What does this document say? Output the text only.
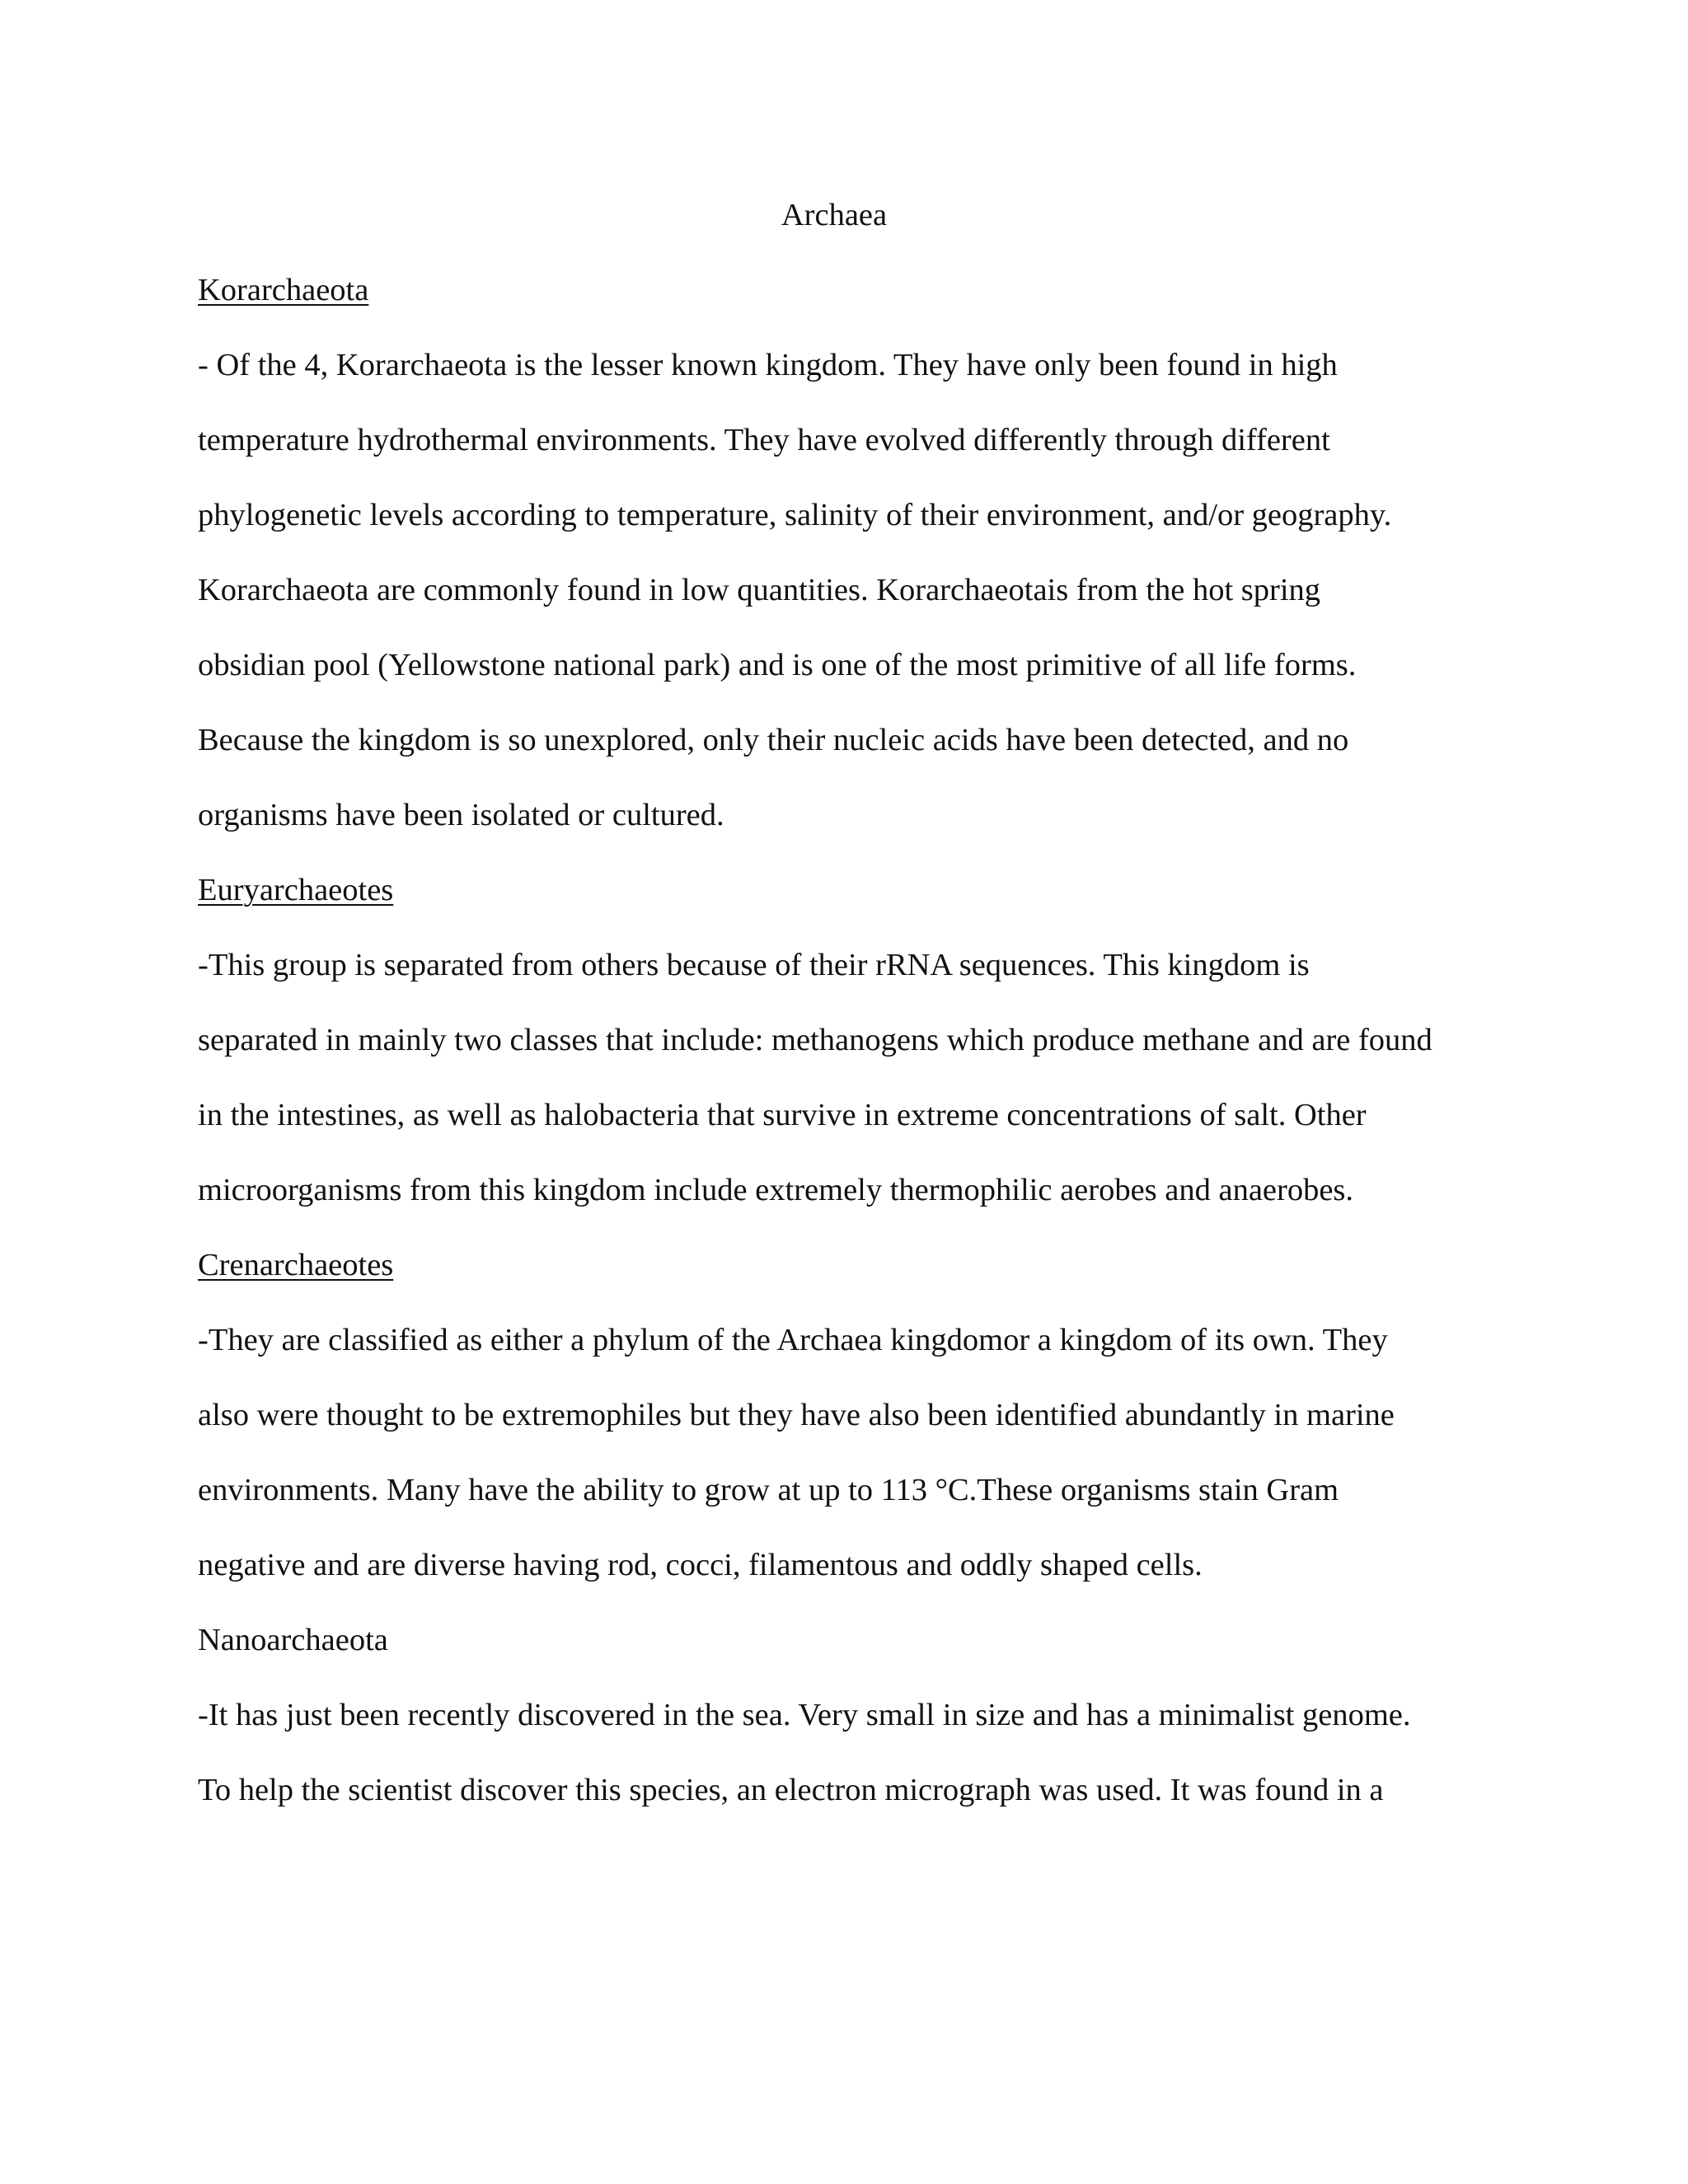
Archaea

Korarchaeota

- Of the 4, Korarchaeota is the lesser known kingdom. They have only been found in high

temperature hydrothermal environments. They have evolved differently through different

phylogenetic levels according to temperature, salinity of their environment, and/or geography.

Korarchaeota are commonly found in low quantities. Korarchaeotais from the hot spring

obsidian pool (Yellowstone national park) and is one of the most primitive of all life forms.

Because the kingdom is so unexplored, only their nucleic acids have been detected, and no

organisms have been isolated or cultured.

Euryarchaeotes

-This group is separated from others because of their rRNA sequences. This kingdom is

separated in mainly two classes that include: methanogens which produce methane and are found

in the intestines, as well as halobacteria that survive in extreme concentrations of salt. Other

microorganisms from this kingdom include extremely thermophilic aerobes and anaerobes.

Crenarchaeotes

-They are classified as either a phylum of the Archaea kingdomor a kingdom of its own. They

also were thought to be extremophiles but they have also been identified abundantly in marine

environments. Many have the ability to grow at up to 113 °C.These organisms stain Gram

negative and are diverse having rod, cocci, filamentous and oddly shaped cells.

Nanoarchaeota

-It has just been recently discovered in the sea. Very small in size and has a minimalist genome.

To help the scientist discover this species, an electron micrograph was used. It was found in a
